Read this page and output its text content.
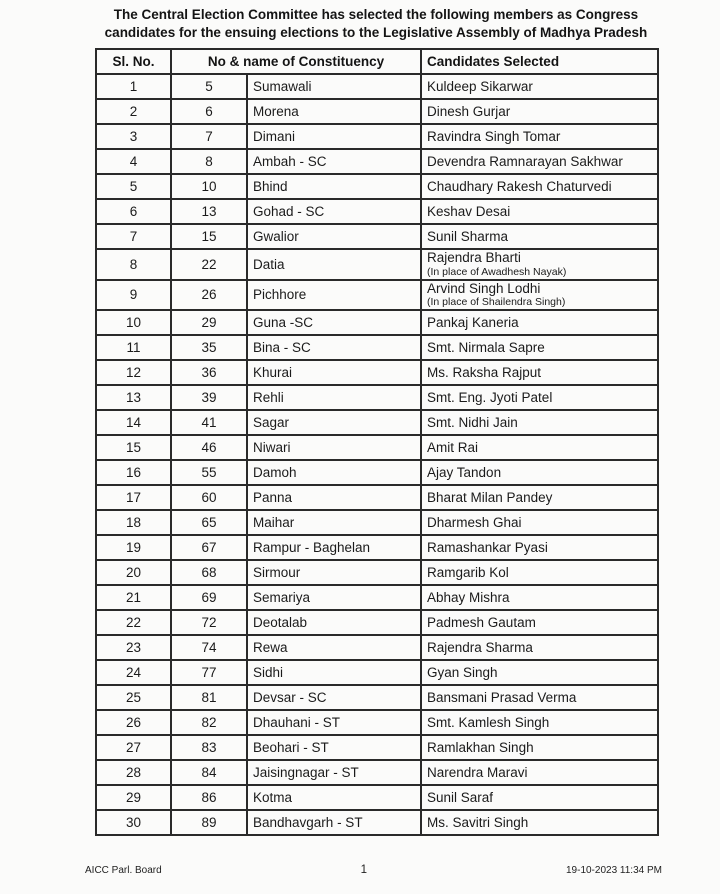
The Central Election Committee has selected the following members as Congress
candidates for the ensuing elections to the Legislative Assembly of Madhya Pradesh
Sl. No.	No & name of Constituency		Candidates Selected
1	5	Sumawali	Kuldeep Sikarwar

2	6	Morena	Dinesh Gurjar

3	7	Dimani	Ravindra Singh Tomar

4	8	Ambah - SC	Devendra Ramnarayan Sakhwar

5	10	Bhind	Chaudhary Rakesh Chaturvedi

6	13	Gohad - SC	Keshav Desai

7	15	Gwalior	Sunil Sharma

8	22	Datia	Rajendra Bharti
(In place of Awadhesh Nayak)

9	26	Pichhore	Arvind Singh Lodhi
(In place of Shailendra Singh)

10	29	Guna -SC	Pankaj Kaneria

11	35	Bina - SC	Smt. Nirmala Sapre

12	36	Khurai	Ms. Raksha Rajput

13	39	Rehli	Smt. Eng. Jyoti Patel

14	41	Sagar	Smt. Nidhi Jain

15	46	Niwari	Amit Rai

16	55	Damoh	Ajay Tandon

17	60	Panna	Bharat Milan Pandey

18	65	Maihar	Dharmesh Ghai

19	67	Rampur - Baghelan	Ramashankar Pyasi

20	68	Sirmour	Ramgarib Kol

21	69	Semariya	Abhay Mishra

22	72	Deotalab	Padmesh Gautam

23	74	Rewa	Rajendra Sharma

24	77	Sidhi	Gyan Singh

25	81	Devsar - SC	Bansmani Prasad Verma

26	82	Dhauhani - ST	Smt. Kamlesh Singh

27	83	Beohari - ST	Ramlakhan Singh

28	84	Jaisingnagar - ST	Narendra Maravi

29	86	Kotma	Sunil Saraf

30	89	Bandhavgarh - ST	Ms. Savitri Singh
AICC Parl. Board	1	19-10-2023 11:34 PM
